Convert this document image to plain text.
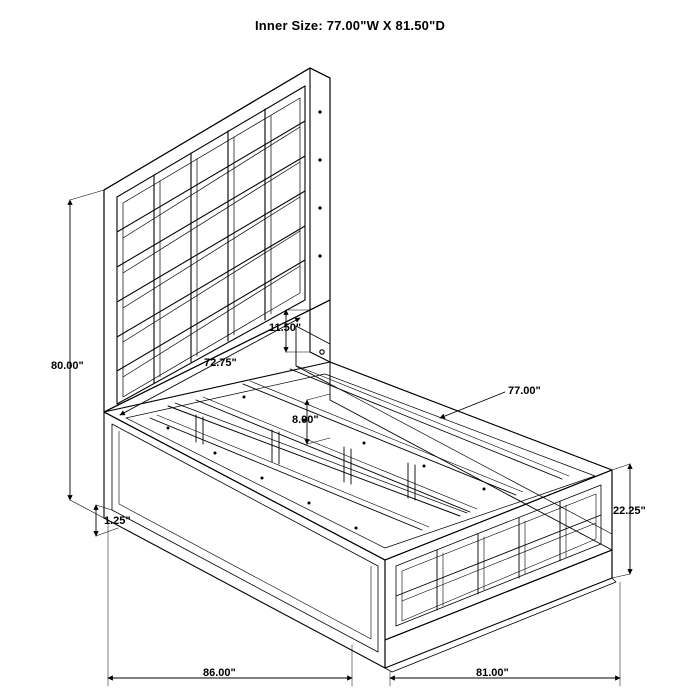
Inner Size: 77.00"W X 81.50"D
80.00"	72.75"
11.50"
8.00"
77.00"
22.25"
1.25"
86.00"	81.00"
